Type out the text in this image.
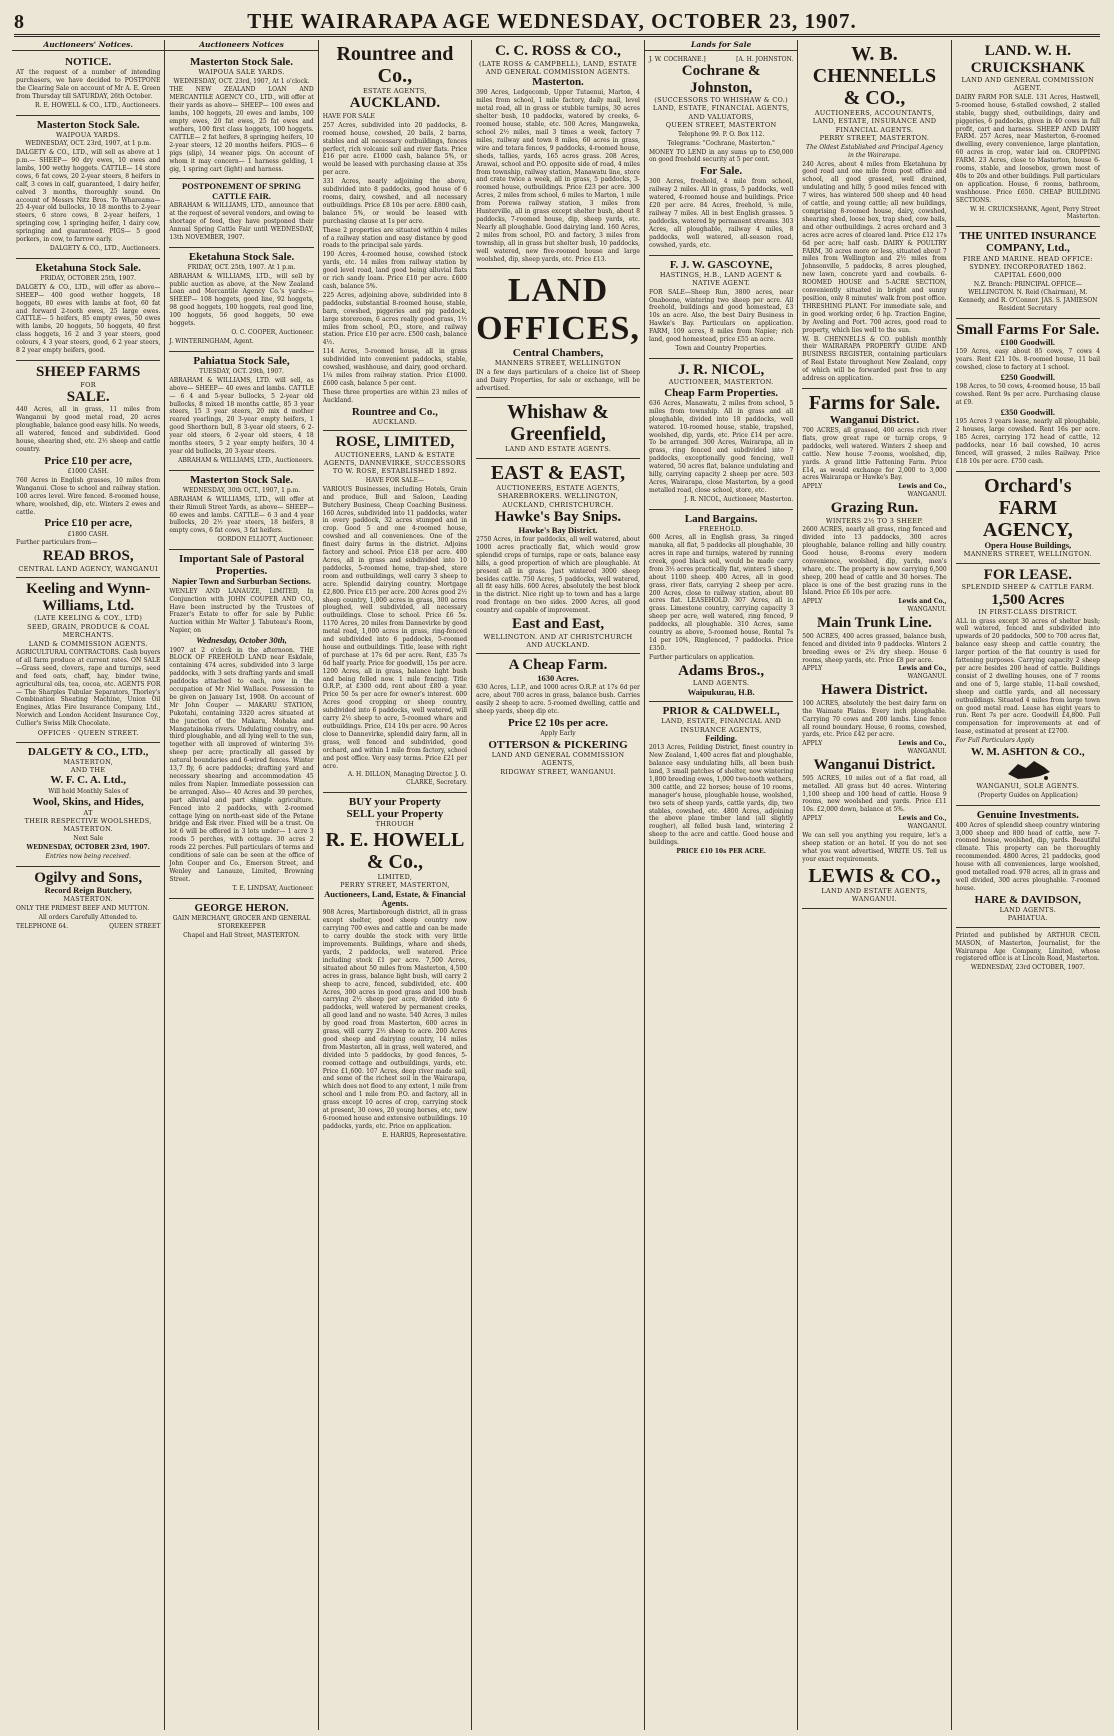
8	THE WAIRARAPA AGE WEDNESDAY, OCTOBER 23, 1907.
Auctioneers' Notices.
NOTICE.

AT the request of a number of intending purchasers, we have decided to POSTPONE the Clearing Sale on account of Mr A. E. Green from Thursday till SATURDAY, 26th October.

R. E. HOWELL & CO., LTD., Auctioneers.

Masterton Stock Sale.
WAIPOUA YARDS.

WEDNESDAY, OCT. 23rd, 1907, at 1 p.m.

DALGETY & CO., LTD., will sell as above at 1 p.m.— SHEEP— 90 dry ewes, 10 ewes and lambs, 100 wethy hoggets. CATTLE— 14 store cows, 6 fat cows, 20 2-year steers, 8 heifers in calf, 3 cows in calf, guaranteed, 1 dairy heifer, calved 3 months, thoroughly sound. On account of Messrs Nitz Bros. To Whareama— 25 4-year old bullocks, 10 18 months to 2-year steers, 6 store cows, 8 2-year heifers, 1 springing cow, 1 springing heifer, 1 dairy cow, springing and guaranteed. PIGS— 5 good porkers, in cow, to farrow early.

DALGETY & CO., LTD., Auctioneers.

Eketahuna Stock Sale.

FRIDAY, OCTOBER 25th, 1907.

DALGETY & CO., LTD., will offer as above— SHEEP— 400 good wether hoggets, 18 hoggets, 80 ewes with lambs at foot, 60 fat and forward 2-tooth ewes, 25 large ewes. CATTLE— 5 heifers, 85 empty ewes, 50 ewes with lambs, 20 hoggets, 50 hoggets, 40 first class hoggets, 16 2 and 3 year steers, good colours, 4 3 year steers, good, 6 2 year steers, 8 2 year empty heifers, good.

SHEEP FARMS
FOR
SALE.

440 Acres, all in grass, 11 miles from Wanganui by good metal road, 20 acres ploughable, balance good easy hills. No weeds, all watered, fenced and subdivided. Good house, shearing shed, etc. 2½ sheep and cattle country.

Price £10 per acre,

£1000 CASH.

760 Acres in English grasses, 10 miles from Wanganui. Close to school and railway station. 100 acres level. Wire fenced. 8-roomed house, whare, woolshed, dip, etc. Winters 2 ewes and cattle.

Price £10 per acre,

£1800 CASH.

Further particulars from—

READ BROS,
CENTRAL LAND AGENCY, WANGANUI
Keeling and Wynn-Williams, Ltd.
(LATE KEELING & COY., LTD)
SEED, GRAIN, PRODUCE & COAL MERCHANTS.
LAND & COMMISSION AGENTS.

AGRICULTURAL CONTRACTORS. Cash buyers of all farm produce at current rates. ON SALE—Grass seed, clovers, rape and turnips, seed and feed oats, chaff, hay, binder twine, agricultural oils, tea, cocoa, etc. AGENTS FOR— The Sharples Tubular Separators, Thorley's Combination Sheating Machine, Union Oil Engines, Atlas Fire Insurance Company, Ltd., Norwich and London Accident Insurance Coy., Cullier's Swiss Milk Chocolate.

OFFICES · QUEEN STREET.
DALGETY & CO., LTD.,
MASTERTON,
AND THE
W. F. C. A. Ltd.,

Will hold Monthly Sales of

Wool, Skins, and Hides,
AT
THEIR RESPECTIVE WOOLSHEDS, MASTERTON.

Next Sale

WEDNESDAY, OCTOBER 23rd, 1907.

Entries now being received.

Ogilvy and Sons,
Record Reign Butchery,
MASTERTON.

ONLY THE PRIMEST BEEF AND MUTTON.

All orders Carefully Attended to.

TELEPHONE 64.	QUEEN STREET
Auctioneers Notices
Masterton Stock Sale.
WAIPOUA SALE YARDS.

WEDNESDAY, OCT. 23rd, 1907, At 1 o'clock.

THE NEW ZEALAND LOAN AND MERCANTILE AGENCY CO., LTD., will offer at their yards as above— SHEEP— 100 ewes and lambs, 100 hoggets, 20 ewes and lambs, 100 empty ewes, 20 fat ewes, 25 fat ewes and wethers, 100 first class hoggets, 100 hoggets. CATTLE— 2 fat heifers, 8 springing heifers, 10 2-year steers, 12 20 months heifers. PIGS— 6 pigs (slip), 14 weaner pigs. On account of whom it may concern— 1 harness gelding, 1 gig, 1 spring cart (light) and harness.

POSTPONEMENT OF SPRING CATTLE FAIR.

ABRAHAM & WILLIAMS, LTD., announce that at the request of several vendors, and owing to shortage of feed, they have postponed their Annual Spring Cattle Fair until WEDNESDAY, 13th NOVEMBER, 1907.

Eketahuna Stock Sale.

FRIDAY, OCT. 25th, 1907. At 1 p.m.

ABRAHAM & WILLIAMS, LTD., will sell by public auction as above, at the New Zealand Loan and Mercantile Agency Co.'s yards:— SHEEP— 108 hoggets, good line, 92 hoggets, 98 good hoggets, 100 hoggets, real good line, 100 hoggets, 56 good hoggets, 50 ewe hoggets.

O. C. COOPER, Auctioneer.

J. WINTERINGHAM, Agent.

Pahiatua Stock Sale,

TUESDAY, OCT. 29th, 1907.

ABRAHAM & WILLIAMS, LTD. will sell, as above— SHEEP— 40 ewes and lambs. CATTLE— 6 4 and 5-year bullocks, 5 2-year old bullocks, 8 mixed 18 months cattle, 85 3 year steers, 15 3 year steers, 20 mix d mother reared yearlings, 20 3-year empty heifers, 1 good Shorthorn bull, 8 3-year old steers, 6 2-year old steers, 6 2-year old steers, 4 18 months steers, 5 2 year empty heifers, 30 4 year old bullocks, 20 3-year steers.

ABRAHAM & WILLIAMS, LTD., Auctioneers.

Masterton Stock Sale.

WEDNESDAY, 30th OCT., 1907, 1 p.m.

ABRAHAM & WILLIAMS, LTD., will offer at their Rimuli Street Yards, as above— SHEEP— 60 ewes and lambs. CATTLE— 6 3 and 4 year bullocks, 20 2½ year steers, 18 heifers, 8 empty cows, 6 fat cows, 3 fat heifers.

GORDON ELLIOTT, Auctioneer.

Important Sale of Pastoral Properties.
Napier Town and Surburban Sections.

WENLEY AND LANAUZE, LIMITED, In Conjunction with JOHN COUPER AND CO., Have been instructed by the Trustees of Frazer's Estate to offer for sale by Public Auction within Mr Walter J. Tabuteau's Room, Napier, on

Wednesday, October 30th,

1907 at 2 o'clock in the afternoon. THE BLOCK OF FREEHOLD LAND near Eskdale, containing 474 acres, subdivided into 3 large paddocks, with 3 sets drafting yards and small paddocks attached to each, now in the occupation of Mr Niel Wallace. Possession to be given on January 1st, 1908. On account of Mr John Couper — MAKARU STATION, Pukotahi, containing 3320 acres situated at the junction of the Makaru, Mohaka and Mangatainoka rivers. Undulating country, one-third ploughable, and all lying well to the sun, together with all improved of wintering 3½ sheep per acre; practically all gassed by natural boundaries and 6-wired fences. Winter 13,7 fly, 6 acre paddocks; drafting yard and necessary shearing and accommodation 45 miles from Napier. Immediate possession can be arranged. Also— 40 Acres and 39 perches, part alluvial and part shingle agriculture. Fenced into 2 paddocks, with 2-roomed cottage lying on north-east side of the Petane bridge and Esk river. Fixed will be a trust. On lot 6 will be offered in 3 lots under— 1 acre 3 roods 5 perches, with cottage. 30 acres 2 roods 22 perches. Full particulars of terms and conditions of sale can be seen at the office of John Couper and Co., Emerson Street, and Wenley and Lanauze, Limited, Browning Street.

T. E. LINDSAY, Auctioneer.

GEORGE HERON.

GAIN MERCHANT, GROCER AND GENERAL STOREKEEPER

Chapel and Hall Street, MASTERTON.

Rountree and Co.,
ESTATE AGENTS,
AUCKLAND.

HAVE FOR SALE

257 Acres, subdivided into 20 paddocks, 8-roomed house, cowshed, 20 bails, 2 barns, stables and all necessary outbuildings, fences perfect, rich volcanic soil and river flats. Price £16 per acre. £1000 cash, balance 5%, or would be leased with purchasing clause at 35s per acre.

331 Acres, nearly adjoining the above, subdivided into 8 paddocks, good house of 6 rooms, dairy, cowshed, and all necessary outbuildings. Price £8 10s per acre. £800 cash, balance 5%, or would be leased with purchasing clause at 1s per acre.

These 2 properties are situated within 4 miles of a railway station and easy distance by good roads to the principal sale yards.

190 Acres, 4-roomed house, cowshed (stock yards, etc. 14 miles from railway station by good level road, land good being alluvial flats or rich sandy loam. Price £10 per acre. £600 cash, balance 5%.

225 Acres, adjoining above, subdivided into 8 paddocks, substantial 8-roomed house, stable, barn, cowshed, piggeries and pig paddock, large storeroom, 6 acres really good grass, 1½ miles from school, P.O., store, and railway station. Price £10 per acre. £500 cash, balance 4½.

114 Acres, 5-roomed house, all in grass subdivided into convenient paddocks, stable, cowshed, washhouse, and dairy, good orchard. 1¼ miles from railway station. Price £1000. £600 cash, balance 5 per cent.

These three properties are within 23 miles of Auckland.

Rountree and Co.,
AUCKLAND.
ROSE, LIMITED,
AUCTIONEERS, LAND & ESTATE AGENTS, DANNEVIRKE, SUCCESSORS TO W. ROSE, ESTABLISHED 1892.

HAVE FOR SALE—

VARIOUS Businesses, including Hotels, Grain and produce, Bull and Saloon, Leading Butchery Business, Cheap Coaching Business. 160 Acres, subdivided into 11 paddocks, water in every paddock, 32 acres stumped and in crop. Good 5 and one 4-roomed house, cowshed and all conveniences. One of the finest dairy farms in the district. Adjoins factory and school. Price £18 per acre. 400 Acres, all in grass and subdivided into 10 paddocks, 5-roomed home, trap-shed, store room and outbuildings, well carry 3 sheep to acre. Splendid dairying country. Mortgage £2,800. Price £15 per acre. 200 Acres good 2½ sheep country, 1,000 acres in grass, 300 acres ploughed, well subdivided, all necessary outbuildings. Close to school. Price £6 5s. 1170 Acres, 20 miles from Dannevirke by good metal road, 1,000 acres in grass, ring-fenced and subdivided into 6 paddocks, 5-roomed house and outbuildings. Title, lease with right of purchase at 17s 6d per acre. Rent, £35 7s 6d half yearly. Price for goodwill, 15s per acre. 1200 Acres, all in grass, balance light bush and being felled now. 1 mile fencing. Title O.R.P., at £300 odd, rent about £80 a year. Price 50 5s per acre for owner's interest. 600 Acres good cropping or sheep country, subdivided into 6 paddocks, well watered, will carry 2½ sheep to acre, 5-roomed whare and outbuildings. Price, £14 10s per acre. 90 Acres close to Dannevirke, splendid dairy farm, all in grass, well fenced and subdivided, good orchard, and within 1 mile from factory, school and post office. Very easy terms. Price £21 per acre.

A. H. DILLON, Managing Director. J. O. CLARKE, Secretary.

BUY your Property
SELL your Property
THROUGH
R. E. HOWELL & Co.,
LIMITED,
PERRY STREET, MASTERTON,
Auctioneers, Land, Estate, & Financial Agents.

908 Acres, Martinborough district, all in grass except shelter, good sheep country now carrying 700 ewes and cattle and can be made to carry double the stock with very little improvements. Buildings, whare and sheds, yards, 2 paddocks, well watered. Price including stock £1 per acre. 7,500 Acres, situated about 50 miles from Masterton, 4,500 acres in grass, balance light bush, will carry 2 sheep to acre, fenced, subdivided, etc. 400 Acres, 300 acres in good grass and 100 bush carrying 2½ sheep per acre, divided into 6 paddocks, well watered by permanent creeks, all good land and no waste. 540 Acres, 3 miles by good road from Masterton, 600 acres in grass, will carry 2½ sheep to acre. 200 Acres good sheep and dairying country, 14 miles from Masterton, all in grass, well watered, and divided into 5 paddocks, by good fences, 5-roomed cottage and outbuildings, yards, etc. Price £1,600. 107 Acres, deep river made soil, and some of the richest soil in the Wairarapa, which does not flood to any extent, 1 mile from school and 1 mile from P.O. and factory, all in grass except 10 acres of crop, carrying stock at present, 30 cows, 20 young horses, etc, new 6-roomed house and extensive outbuildings. 10 paddocks, yards, etc. Price on application.

E. HARRIS, Representative.

C. C. ROSS & CO.,
(LATE ROSS & CAMPBELL), LAND, ESTATE AND GENERAL COMMISSION AGENTS.
Masterton.

390 Acres, Ledgecomb, Upper Tutaenui, Marton, 4 miles from school, 1 mile factory, daily mail, level metal road, all in grass or stubble turnips, 30 acres shelter bush, 10 paddocks, watered by creeks, 6-roomed house, stable, etc. 500 Acres, Mangaweka, school 2½ miles, mail 3 times a week, factory 7 miles, railway and town 8 miles, 60 acres in grass, wire and totara fences, 9 paddocks, 4-roomed house, sheds, tallies, yards, 165 acres grass. 208 Acres, Arawai, school and P.O. opposite side of road, 4 miles from township, railway station, Manawatu line, store and crate twice a week, all in grass, 5 paddocks, 3-roomed house, outbuildings. Price £23 per acre. 300 Acres, 2 miles from school, 6 miles to Marton, 1 mile from Porewa railway station, 3 miles from Hunterville, all in grass except shelter bush, about 8 paddocks, 7-roomed house, dip, sheep yards, etc. Nearly all ploughable. Good dairying land. 160 Acres, 2 miles from school, P.O. and factory, 3 miles from township, all in grass but shelter bush, 10 paddocks, well watered, new five-roomed house and large woolshed, dip, sheep yards, etc. Price £13.

LAND OFFICES,
Central Chambers,
MANNERS STREET, WELLINGTON

IN a few days particulars of a choice list of Sheep and Dairy Properties, for sale or exchange, will be advertised.

Whishaw & Greenfield,
LAND AND ESTATE AGENTS.
EAST & EAST,
AUCTIONEERS, ESTATE AGENTS, SHAREBROKERS. WELLINGTON, AUCKLAND, CHRISTCHURCH.
Hawke's Bay Snips.
Hawke's Bay District.

2750 Acres, in four paddocks, all well watered, about 1000 acres practically flat, which would grow splendid crops of turnips, rape or oats, balance easy hills, a good proportion of which are ploughable. At present all in grass. Just wintered 3000 sheep besides cattle. 750 Acres, 5 paddocks, well watered, all fit easy hills. 600 Acres, absolutely the best block in the district. Nice right up to town and has a large road frontage on two sides. 2000 Acres, all good country and capable of improvement.

East and East,
WELLINGTON. AND AT CHRISTCHURCH AND AUCKLAND.
A Cheap Farm.
1630 Acres.

630 Acres, L.I.P., and 1000 acres O.R.P. at 17s 6d per acre, about 700 acres in grass, balance bush. Carries easily 2 sheep to acre. 5-roomed dwelling, cattle and sheep yards, sheep dip etc.

Price £2 10s per acre.

Apply Early

OTTERSON & PICKERING
LAND AND GENERAL COMMISSION AGENTS,
RIDGWAY STREET, WANGANUI.
Lands for Sale
J. W. COCHRANE.]	[A. H. JOHNSTON.
Cochrane & Johnston,
(SUCCESSORS TO WHISHAW & CO.) LAND, ESTATE, FINANCIAL AGENTS, AND VALUATORS,
QUEEN STREET, MASTERTON

Telephone 99. P. O. Box 112.

Telegrams: "Cochrane, Masterton."

MONEY TO LEND in any sums up to £50,000 on good freehold security at 5 per cent.

For Sale.

300 Acres, freehold, 4 mile from school, railway 2 miles. All in grass, 5 paddocks, well watered, 4-roomed house and buildings. Price £20 per acre. 84 Acres, freehold, ¼ mile, railway 7 miles. All in best English grasses. 5 paddocks, watered by permanent streams. 303 Acres, all ploughable, railway 4 miles, 8 paddocks, well watered, all-season road, cowshed, yards, etc.

F. J. W. GASCOYNE,
HASTINGS, H.B., LAND AGENT & NATIVE AGENT.

FOR SALE—Sheep Run, 3800 acres, near Onaboone, wintering two sheep per acre. All freehold, buildings and good homestead, £3 10s an acre. Also, the best Dairy Business in Hawke's Bay. Particulars on application. FARM, 109 acres, 8 miles from Napier; rich land, good homestead, price £55 an acre.

Town and Country Properties.

J. R. NICOL,
AUCTIONEER, MASTERTON.
Cheap Farm Properties.

636 Acres, Manawatu, 2 miles from school, 5 miles from township. All in grass and all ploughable, divided into 18 paddocks, well watered. 10-roomed house, stable, trapshed, woolshed, dip, yards, etc. Price £14 per acre. To be arranged. 300 Acres, Wairarapa, all in grass, ring fenced and subdivided into 7 paddocks, exceptionally good fencing, well watered, 50 acres flat, balance undulating and hilly, carrying capacity 2 sheep per acre. 503 Acres, Wairarapa, close Masterton, by a good metalled road, close school, store, etc.

J. R. NICOL, Auctioneer, Masterton.

Land Bargains.
FREEHOLD.

600 Acres, all in English grass, 3a ringed manuka, all flat, 5 paddocks all ploughable, 30 acres in rape and turnips, watered by running creek, good black soil, would be made carry from 3½ acres practically flat, winters 5 sheep, about 1100 sheep. 400 Acres, all in good grass, river flats, carrying 2 sheep per acre. 200 Acres, close to railway station, about 80 acres flat. LEASEHOLD. 307 Acres, all in grass. Limestone country, carrying capacity 3 sheep per acre, well watered, ring fenced, 9 paddocks, all ploughable. 310 Acres, same country as above, 5-roomed house, Rental 7s 1d per 10%, Ringlenced, 7 paddocks. Price £350.

Further particulars on application.

Adams Bros.,
LAND AGENTS.
Waipukurau, H.B.
PRIOR & CALDWELL,
LAND, ESTATE, FINANCIAL AND INSURANCE AGENTS,
Feilding.

2013 Acres, Feilding District, finest country in New Zealand, 1,400 acres flat and ploughable, balance easy undulating hills, all been bush land, 3 small patches of shelter, now wintering 1,800 breeding ewes, 1,000 two-tooth wethers, 300 cattle, and 22 horses; house of 10 rooms, manager's house, ploughable house, woolshed, two sets of sheep yards, cattle yards, dip, two stables, cowshed, etc. 4800 Acres, adjoining the above plane timber land (all slightly rougher), all felled bush land, wintering 2 sheep to the acre and cattle. Good house and buildings.

PRICE £10 10s PER ACRE.

W. B. CHENNELLS & CO.,
AUCTIONEERS, ACCOUNTANTS, LAND, ESTATE, INSURANCE AND FINANCIAL AGENTS.
PERRY STREET, MASTERTON.

The Oldest Established and Principal Agency in the Wairarapa.

240 Acres, about 4 miles from Eketahuna by good road and one mile from post office and school, all good grassed, well drained, undulating and hilly, 5 good miles fenced with 7 wires, has wintered 500 sheep and 40 head of cattle, and young cattle; all new buildings, comprising 8-roomed house, dairy, cowshed, shearing shed, loose box, trap shed, cow bails, and other outbuildings. 2 acres orchard and 3 acres acre acres of cleared land. Price £12 17s 6d per acre; half cash. DAIRY & POULTRY FARM, 30 acres more or less, situated about 7 miles from Wellington and 2½ miles from Johnsonville, 5 paddocks, 8 acres ploughed, new lawn, concrete yard and cowbails. 6-ROOMED HOUSE and 5-ACRE SECTION, conveniently situated in bright and sunny position, only 8 minutes' walk from post office. THRESHING PLANT. For immediate sale, and in good working order, 6 hp. Traction Engine, by Aveling and Port. 700 acres, good road to property, which lies well to the sun.

W. B. CHENNELLS & CO. publish monthly their WAIRARAPA PROPERTY GUIDE AND BUSINESS REGISTER, containing particulars of Real Estate throughout New Zealand, copy of which will be forwarded post free to any address on application.

Farms for Sale.
Wanganui District.

700 ACRES, all grassed, 400 acres rich river flats, grow great rape or turnip crops, 9 paddocks, well watered. Winters 2 sheep and cattle. New house 7-rooms, woolshed, dip, yards. A grand little Fattening Farm. Price £14, as would exchange for 2,000 to 3,000 acres Wairarapa or Hawke's Bay.

APPLY	Lewis and Co.,

WANGANUI.

Grazing Run.
WINTERS 2½ TO 3 SHEEP.

2600 ACRES, nearly all grass, ring fenced and divided into 13 paddocks, 300 acres ploughable, balance rolling and hilly country. Good house, 8-rooms every modern convenience, woolshed, dip, yards, men's whare, etc. The property is now carrying 6,500 sheep, 200 head of cattle and 30 horses. The place is one of the best grazing runs in the Island. Price £6 10s per acre.

APPLY	Lewis and Co.,

WANGANUI.

Main Trunk Line.

500 ACRES, 400 acres grassed, balance bush, fenced and divided into 9 paddocks. Winters 2 breeding ewes or 2¼ dry sheep. House 6 rooms, sheep yards, etc. Price £8 per acre.

APPLY	Lewis and Co.,

WANGANUI.

Hawera District.

100 ACRES, absolutely the best dairy farm on the Waimate Plains. Every inch ploughable. Carrying 70 cows and 200 lambs. Line fence all round boundary. House, 6 rooms, cowshed, yards, etc. Price £42 per acre.

APPLY	Lewis and Co.,

WANGANUI.

Wanganui District.

595 ACRES, 10 miles out of a flat road, all metalled. All grass but 40 acres. Wintering 1,100 sheep and 100 head of cattle. House 9 rooms, new woolshed and yards. Price £11 10s. £2,000 down, balance at 5%.

APPLY	Lewis and Co.,

WANGANUI.

We can sell you anything you require, let's a sheep station or an hotel. If you do not see what you want advertised, WRITE US. Tell us your exact requirements.

LEWIS & CO.,
LAND AND ESTATE AGENTS, WANGANUI.
LAND. W. H. CRUICKSHANK
LAND AND GENERAL COMMISSION AGENT.

DAIRY FARM FOR SALE. 131 Acres, Hastwell, 5-roomed house, 6-stalled cowshed, 2 stalled stable, buggy shed, outbuildings, dairy and piggeries, 6 paddocks, given in 40 cows in full profit, cart and harness. SHEEP AND DAIRY FARM. 257 Acres, near Masterton, 6-roomed dwelling, every convenience, large plantation, 60 acres in crop, water laid on. CROPPING FARM. 23 Acres, close to Masterton, house 6-rooms, stable, and loosebox, grown most of 40s to 20s and other buildings. Full particulars on application. House, 6 rooms, bathroom, washhouse. Price £650. CHEAP BUILDING SECTIONS.

W. H. CRUICKSHANK, Agent, Perry Street Masterton.

THE UNITED INSURANCE COMPANY, Ltd.,
FIRE AND MARINE. HEAD OFFICE: SYDNEY. INCORPORATED 1862. CAPITAL £600,000

N.Z. Branch: PRINCIPAL OFFICE—WELLINGTON. N. Reid (Chairman), M. Kennedy, and R. O'Connor. JAS. S. JAMIESON Resident Secretary

Small Farms For Sale.
£100 Goodwill.

159 Acres, easy about 85 cows, 7 cows 4 years. Rent £21 10s. 8-roomed house, 11 bail cowshed, close to factory at 1 school.

£250 Goodwill.

198 Acres, to 50 cows, 4-roomed house, 15 bail cowshed. Rent 9s per acre. Purchasing clause at £9.

£350 Goodwill.

195 Acres 3 years lease, nearly all ploughable, 2 houses, large cowshed. Rent 16s per acre. 185 Acres, carrying 172 head of cattle, 12 paddocks, near 16 bail cowshed, 10 acres fenced, will grassed, 2 miles Railway. Price £18 10s per acre. £750 cash.

Orchard's FARM AGENCY,
Opera House Buildings,
MANNERS STREET, WELLINGTON.
FOR LEASE.
SPLENDID SHEEP & CATTLE FARM.
1,500 Acres
IN FIRST-CLASS DISTRICT.

ALL in grass except 30 acres of shelter bush; well watered, fenced and subdivided into upwards of 20 paddocks, 500 to 700 acres flat, balance easy sheep and cattle country, the larger portion of the flat country is used for fattening purposes. Carrying capacity 2 sheep per acre besides 200 head of cattle. Buildings consist of 2 dwelling houses, one of 7 rooms and one of 5, large stable, 11-bail cowshed, sheep and cattle yards, and all necessary outbuildings. Situated 4 miles from large town on good metal road. Lease has eight years to run. Rent 7s per acre. Goodwill £4,800. Full compensation for improvements at end of lease, estimated at present at £2700.

For Full Particulars Apply

W. M. ASHTON & CO.,
WANGANUI, SOLE AGENTS.

(Property Guides on Application)

Genuine Investments.

400 Acres of splendid sheep country wintering 3,000 sheep and 800 head of cattle, new 7-roomed house, woolshed, dip, yards. Beautiful climate. This property can be thoroughly recommended. 4800 Acres, 21 paddocks, good house with all conveniences, large woolshed, good metalled road. 978 acres, all in grass and well divided, 300 acres ploughable. 7-roomed house.

HARE & DAVIDSON,
LAND AGENTS.
PAHIATUA.

Printed and published by ARTHUR CECIL MASON, of Masterton, Journalist, for the Wairarapa Age Company, Limited, whose registered office is at Lincoln Road, Masterton.

WEDNESDAY, 23rd OCTOBER, 1907.
